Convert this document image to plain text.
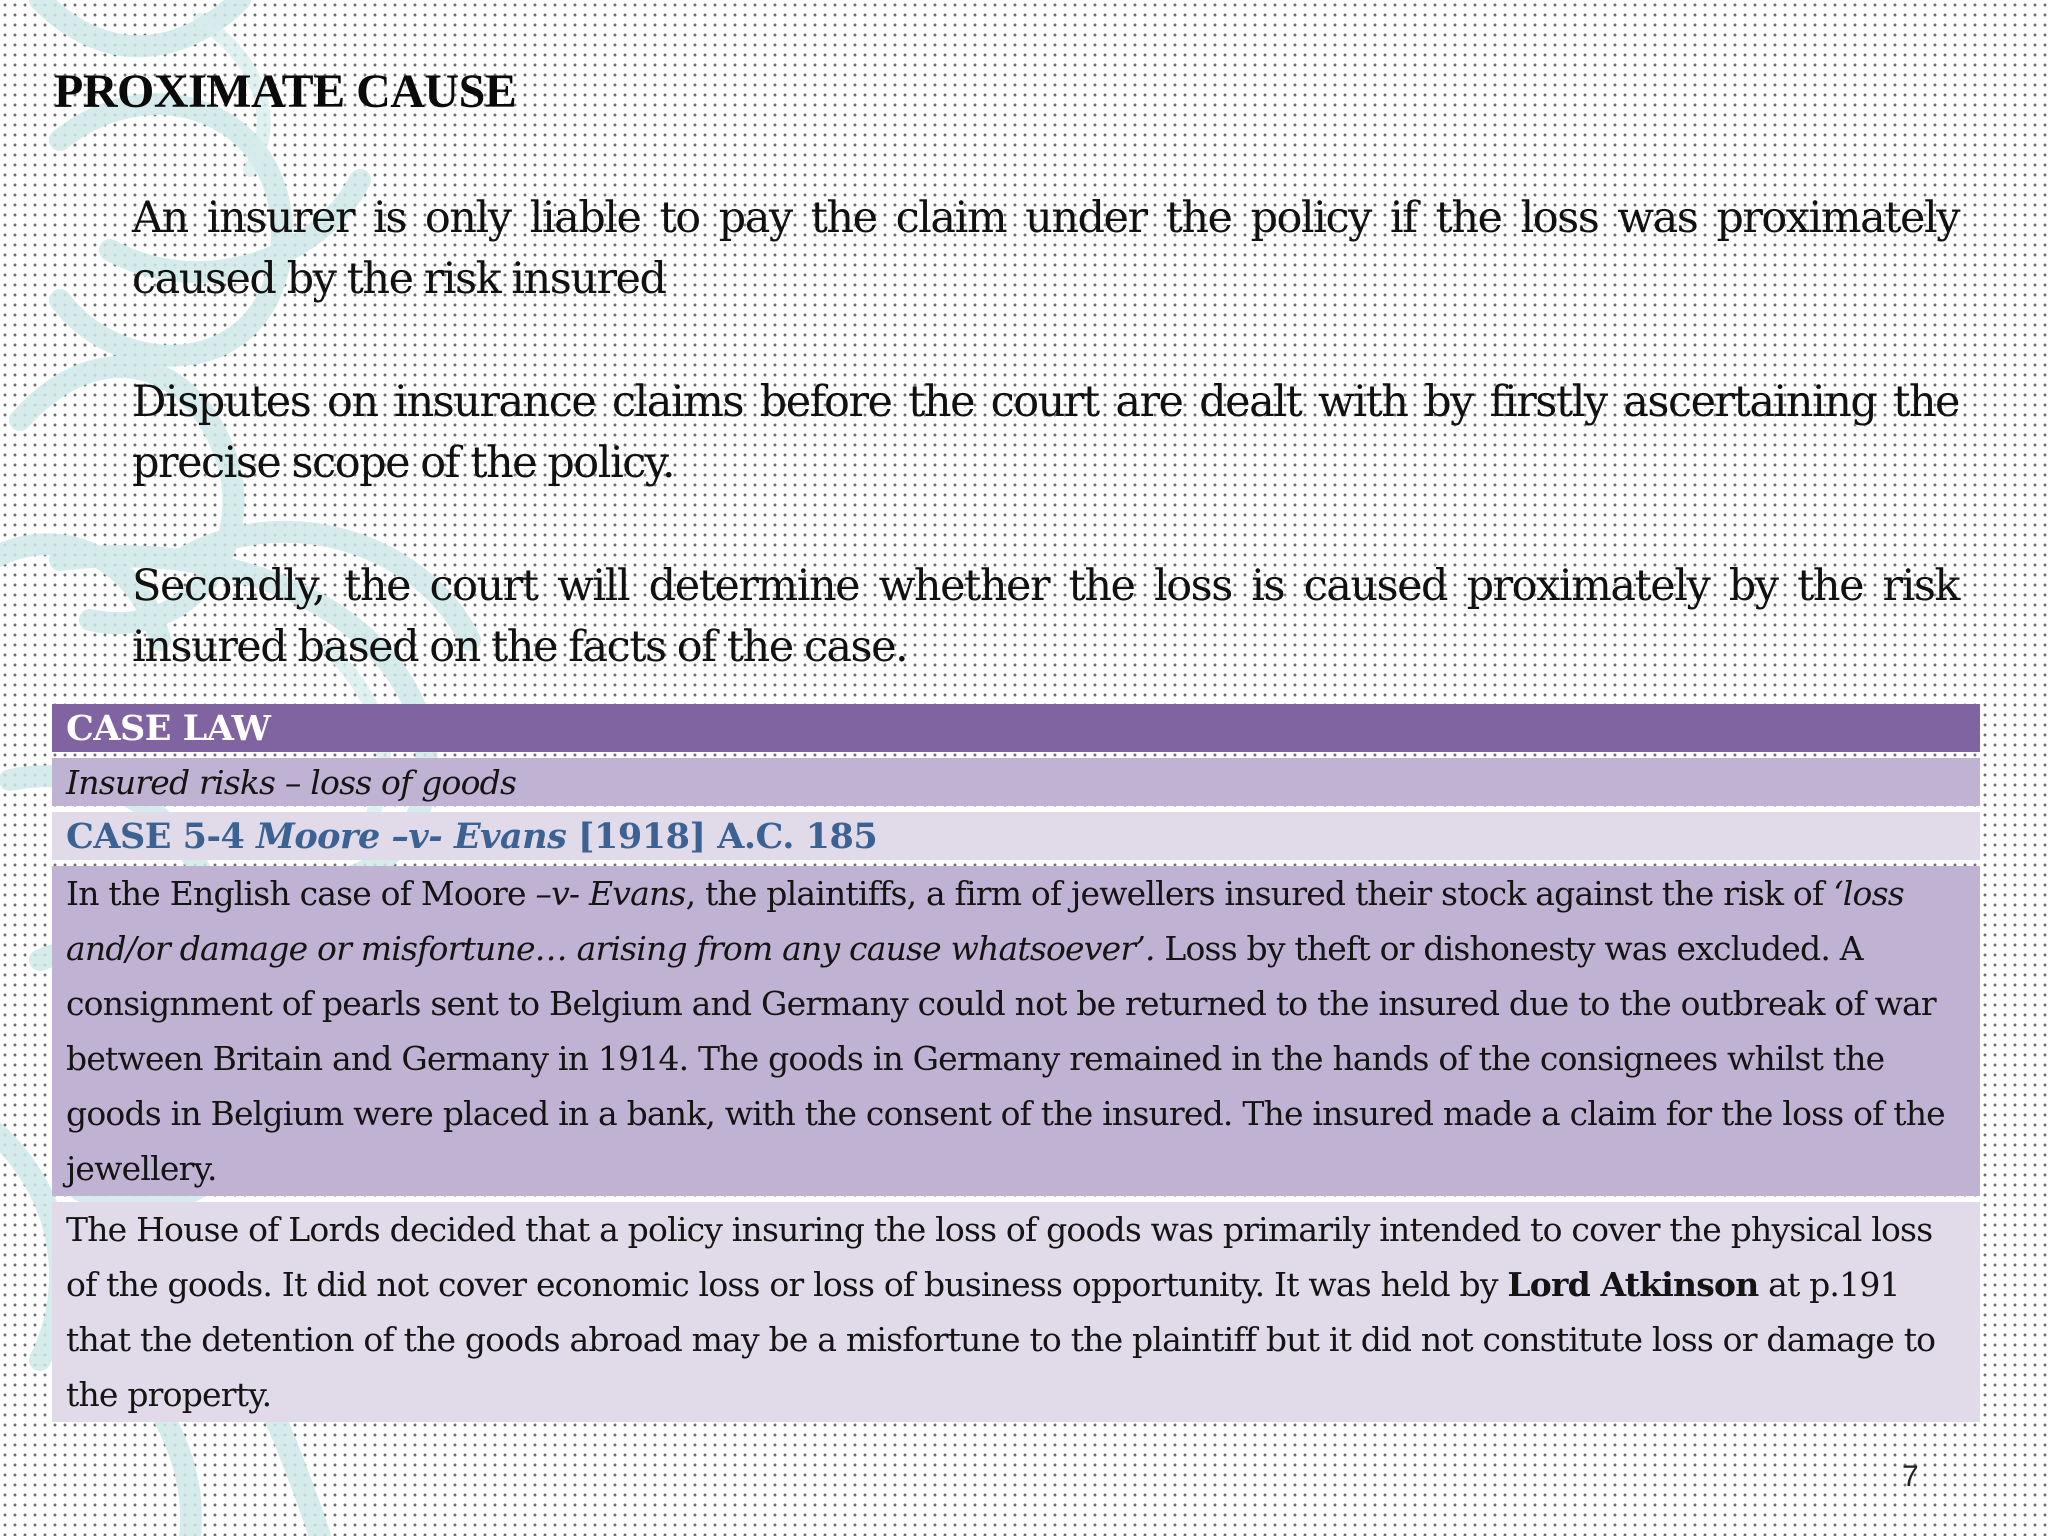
PROXIMATE CAUSE
An insurer is only liable to pay the claim under the policy if the loss was proximately caused by the risk insured
Disputes on insurance claims before the court are dealt with by firstly ascertaining the precise scope of the policy.
Secondly, the court will determine whether the loss is caused proximately by the risk insured based on the facts of the case.
CASE LAW
Insured risks – loss of goods
CASE 5-4 Moore –v- Evans [1918] A.C. 185
In the English case of Moore –v- Evans, the plaintiffs, a firm of jewellers insured their stock against the risk of ‘loss and/or damage or misfortune… arising from any cause whatsoever’. Loss by theft or dishonesty was excluded. A consignment of pearls sent to Belgium and Germany could not be returned to the insured due to the outbreak of war between Britain and Germany in 1914. The goods in Germany remained in the hands of the consignees whilst the goods in Belgium were placed in a bank, with the consent of the insured. The insured made a claim for the loss of the jewellery.
The House of Lords decided that a policy insuring the loss of goods was primarily intended to cover the physical loss of the goods. It did not cover economic loss or loss of business opportunity. It was held by Lord Atkinson at p.191 that the detention of the goods abroad may be a misfortune to the plaintiff but it did not constitute loss or damage to the property.
7
